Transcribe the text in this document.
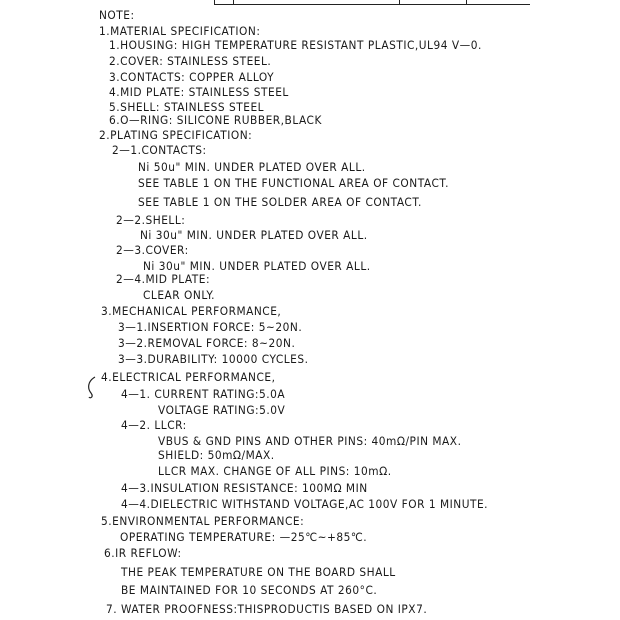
NOTE:
1.MATERIAL SPECIFICATION:
1.HOUSING: HIGH TEMPERATURE RESISTANT PLASTIC,UL94 V—0.
2.COVER: STAINLESS STEEL.
3.CONTACTS: COPPER ALLOY
4.MID PLATE: STAINLESS STEEL
5.SHELL: STAINLESS STEEL
6.O—RING: SILICONE RUBBER,BLACK
2.PLATING SPECIFICATION:
2—1.CONTACTS:
Ni 50u" MIN. UNDER PLATED OVER ALL.
SEE TABLE 1 ON THE FUNCTIONAL AREA OF CONTACT.
SEE TABLE 1 ON THE SOLDER AREA OF CONTACT.
2—2.SHELL:
Ni 30u" MIN. UNDER PLATED OVER ALL.
2—3.COVER:
Ni 30u" MIN. UNDER PLATED OVER ALL.
2—4.MID PLATE:
CLEAR ONLY.
3.MECHANICAL PERFORMANCE,
3—1.INSERTION FORCE: 5~20N.
3—2.REMOVAL FORCE: 8~20N.
3—3.DURABILITY: 10000 CYCLES.
4.ELECTRICAL PERFORMANCE,
4—1. CURRENT RATING:5.0A
VOLTAGE RATING:5.0V
4—2. LLCR:
VBUS & GND PINS AND OTHER PINS: 40mΩ/PIN MAX.
SHIELD: 50mΩ/MAX.
LLCR MAX. CHANGE OF ALL PINS: 10mΩ.
4—3.INSULATION RESISTANCE: 100MΩ MIN
4—4.DIELECTRIC WITHSTAND VOLTAGE,AC 100V FOR 1 MINUTE.
5.ENVIRONMENTAL PERFORMANCE:
OPERATING TEMPERATURE: —25℃~+85℃.
6.IR REFLOW:
THE PEAK TEMPERATURE ON THE BOARD SHALL
BE MAINTAINED FOR 10 SECONDS AT 260°C.
7. WATER PROOFNESS:THISPRODUCTIS BASED ON IPX7.
